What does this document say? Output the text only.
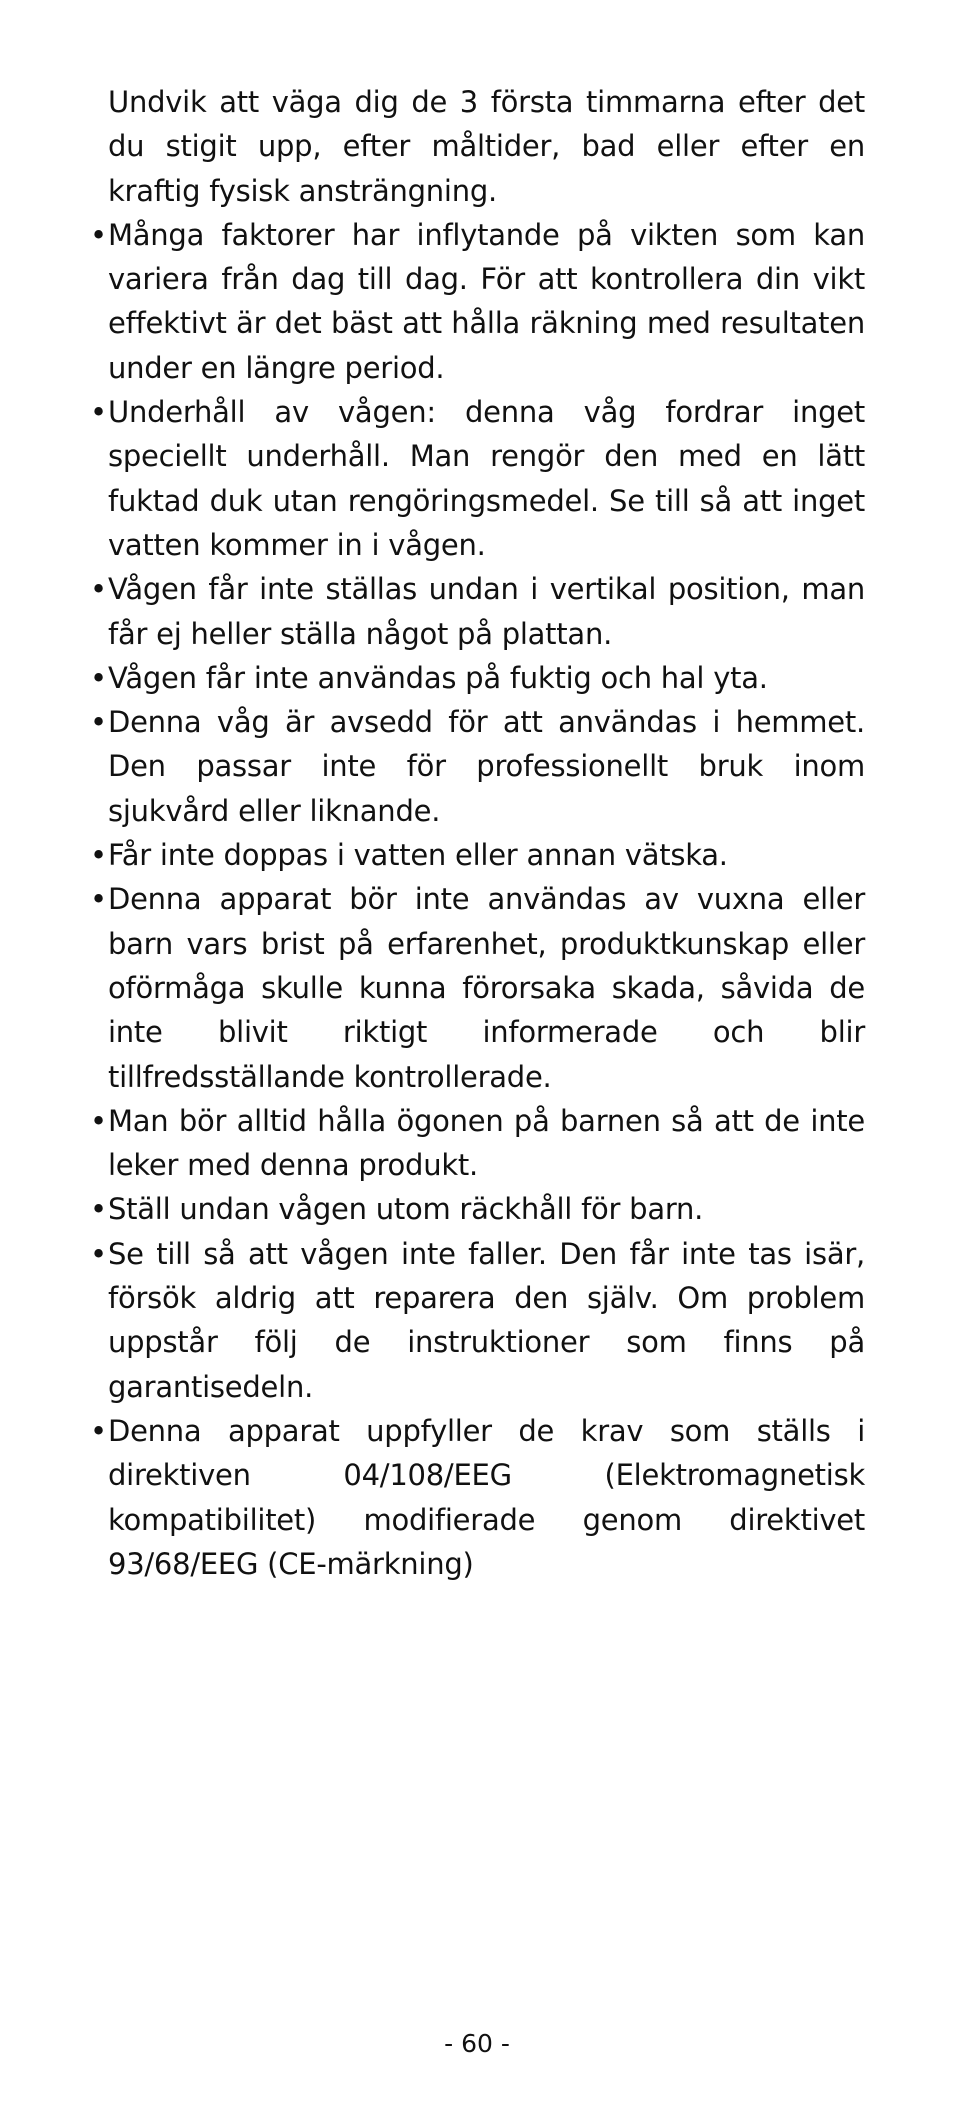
Undvik att väga dig de 3 första timmarna efter det du stigit upp, efter måltider, bad eller efter en kraftig fysisk ansträngning.

• Många faktorer har inflytande på vikten som kan variera från dag till dag. För att kontrollera din vikt effektivt är det bäst att hålla räkning med resultaten under en längre period.
• Underhåll av vågen: denna våg fordrar inget speciellt underhåll. Man rengör den med en lätt fuktad duk utan rengöringsmedel. Se till så att inget vatten kommer in i vågen.
• Vågen får inte ställas undan i vertikal position, man får ej heller ställa något på plattan.
• Vågen får inte användas på fuktig och hal yta.
• Denna våg är avsedd för att användas i hemmet. Den passar inte för professionellt bruk inom sjukvård eller liknande.
• Får inte doppas i vatten eller annan vätska.
• Denna apparat bör inte användas av vuxna eller barn vars brist på erfarenhet, produktkunskap eller oförmåga skulle kunna förorsaka skada, såvida de inte blivit riktigt informerade och blir tillfredsställande kontrollerade.
• Man bör alltid hålla ögonen på barnen så att de inte leker med denna produkt.
• Ställ undan vågen utom räckhåll för barn.
• Se till så att vågen inte faller. Den får inte tas isär, försök aldrig att reparera den själv. Om problem uppstår följ de instruktioner som finns på garantisedeln.
• Denna apparat uppfyller de krav som ställs i direktiven 04/108/EEG (Elektromagnetisk kompatibilitet) modifierade genom direktivet 93/68/EEG (CE-märkning)
- 60 -
